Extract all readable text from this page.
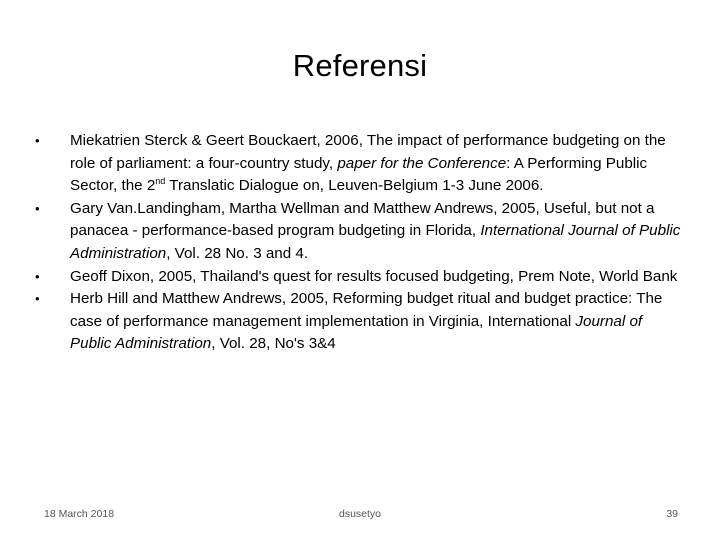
Referensi
• Miekatrien Sterck & Geert Bouckaert, 2006, The impact of performance budgeting on the role of parliament: a four-country study, paper for the Conference: A Performing Public Sector, the 2nd Translatic Dialogue on, Leuven-Belgium 1-3 June 2006.
• Gary Van.Landingham, Martha Wellman and Matthew Andrews, 2005, Useful, but not a panacea - performance-based program budgeting in Florida, International Journal of Public Administration, Vol. 28 No. 3 and 4.
• Geoff Dixon, 2005, Thailand's quest for results focused budgeting, Prem Note, World Bank
• Herb Hill and Matthew Andrews, 2005, Reforming budget ritual and budget practice: The case of performance management implementation in Virginia, International Journal of Public Administration, Vol. 28, No's 3&4
18 March 2018	dsusetyo	39
